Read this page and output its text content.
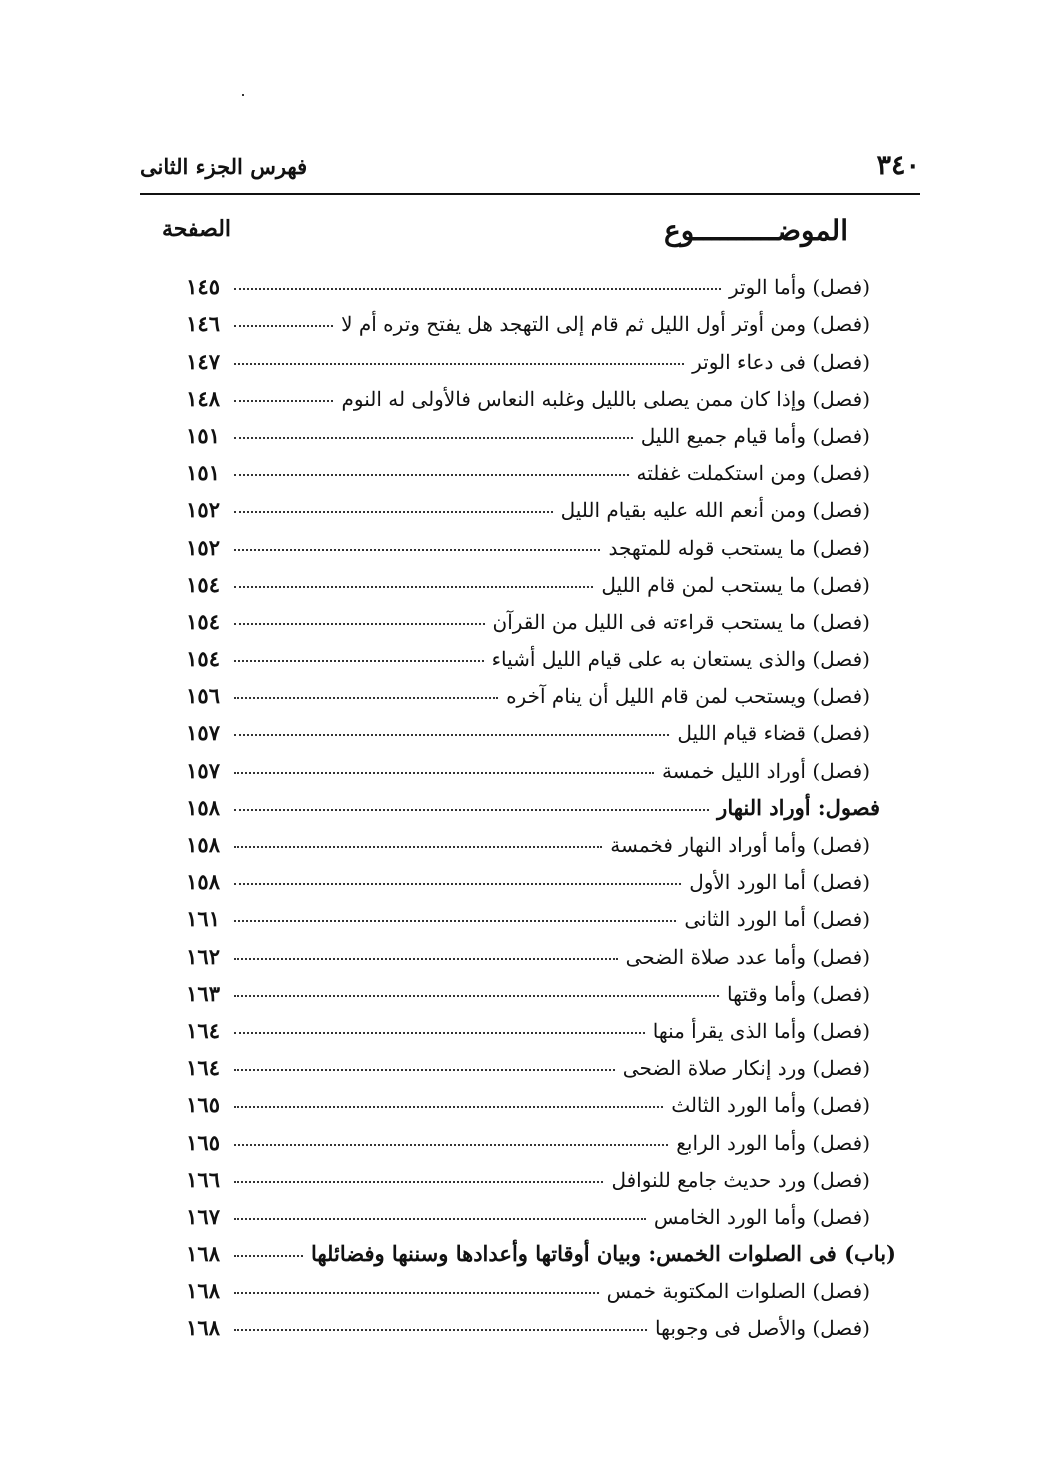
٣٤٠
فهرس الجزء الثانى
الموضــــــــــوع
الصفحة
١٤٥	(فصل) وأما الوتر
١٤٦	(فصل) ومن أوتر أول الليل ثم قام إلى التهجد هل يفتح وتره أم لا
١٤٧	(فصل) فى دعاء الوتر
١٤٨	(فصل) وإذا كان ممن يصلى بالليل وغلبه النعاس فالأولى له النوم
١٥١	(فصل) وأما قيام جميع الليل
١٥١	(فصل) ومن استكملت غفلته
١٥٢	(فصل) ومن أنعم الله عليه بقيام الليل
١٥٢	(فصل) ما يستحب قوله للمتهجد
١٥٤	(فصل) ما يستحب لمن قام الليل
١٥٤	(فصل) ما يستحب قراءته فى الليل من القرآن
١٥٤	(فصل) والذى يستعان به على قيام الليل أشياء
١٥٦	(فصل) ويستحب لمن قام الليل أن ينام آخره
١٥٧	(فصل) قضاء قيام الليل
١٥٧	(فصل) أوراد الليل خمسة
١٥٨	فصول: أوراد النهار
١٥٨	(فصل) وأما أوراد النهار فخمسة
١٥٨	(فصل) أما الورد الأول
١٦١	(فصل) أما الورد الثانى
١٦٢	(فصل) وأما عدد صلاة الضحى
١٦٣	(فصل) وأما وقتها
١٦٤	(فصل) وأما الذى يقرأ منها
١٦٤	(فصل) ورد إنكار صلاة الضحى
١٦٥	(فصل) وأما الورد الثالث
١٦٥	(فصل) وأما الورد الرابع
١٦٦	(فصل) ورد حديث جامع للنوافل
١٦٧	(فصل) وأما الورد الخامس
١٦٨	(باب) فى الصلوات الخمس: وبيان أوقاتها وأعدادها وسننها وفضائلها
١٦٨	(فصل) الصلوات المكتوبة خمس
١٦٨	(فصل) والأصل فى وجوبها
